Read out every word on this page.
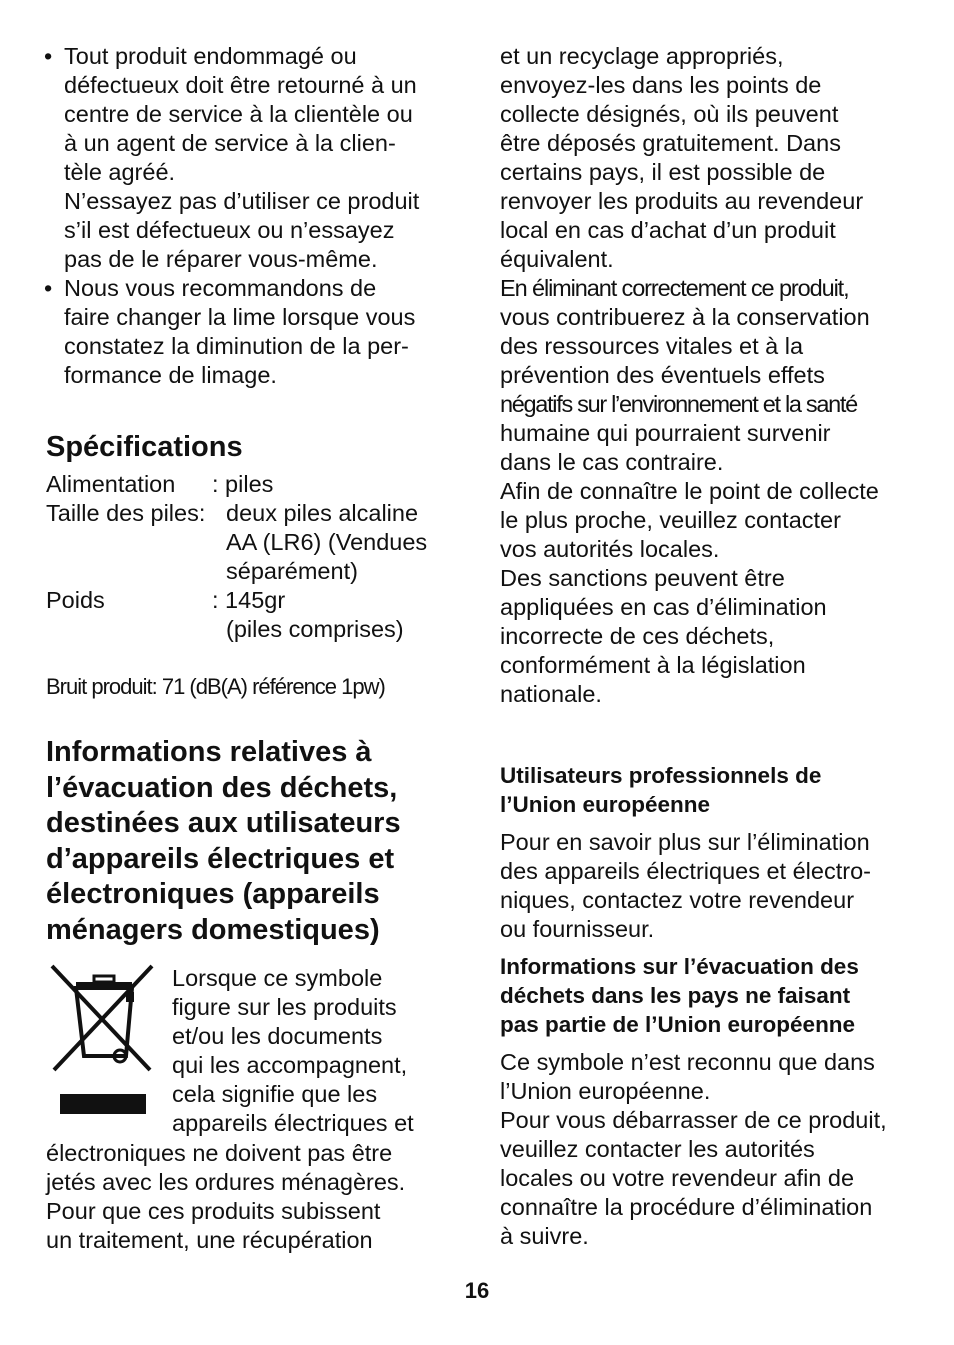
• Tout produit endommagé ou
défectueux doit être retourné à un
centre de service à la clientèle ou
à un agent de service à la clien-
tèle agréé.
N’essayez pas d’utiliser ce produit
s’il est défectueux ou n’essayez
pas de le réparer vous-même.
• Nous vous recommandons de
faire changer la lime lorsque vous
constatez la diminution de la per-
formance de limage.
Spécifications
Alimentation : piles
Taille des piles: deux piles alcaline
AA (LR6) (Vendues
séparément)
Poids	: 145gr
(piles comprises)
Bruit produit: 71 (dB(A) référence 1pw)
Informations relatives à
l’évacuation des déchets,
destinées aux utilisateurs
d’appareils électriques et
électroniques (appareils
ménagers domestiques)
Lorsque ce symbole
figure sur les produits
et/ou les documents
qui les accompagnent,
cela signifie que les
appareils électriques et
électroniques ne doivent pas être
jetés avec les ordures ménagères.
Pour que ces produits subissent
un traitement, une récupération
et un recyclage appropriés,
envoyez-les dans les points de
collecte désignés, où ils peuvent
être déposés gratuitement. Dans
certains pays, il est possible de
renvoyer les produits au revendeur
local en cas d’achat d’un produit
équivalent.
En éliminant correctement ce produit,
vous contribuerez à la conservation
des ressources vitales et à la
prévention des éventuels effets
négatifs sur l’environnement et la santé
humaine qui pourraient survenir
dans le cas contraire.
Afin de connaître le point de collecte
le plus proche, veuillez contacter
vos autorités locales.
Des sanctions peuvent être
appliquées en cas d’élimination
incorrecte de ces déchets,
conformément à la législation
nationale.
Utilisateurs professionnels de
l’Union européenne
Pour en savoir plus sur l’élimination
des appareils électriques et électro-
niques, contactez votre revendeur
ou fournisseur.
Informations sur l’évacuation des
déchets dans les pays ne faisant
pas partie de l’Union européenne
Ce symbole n’est reconnu que dans
l’Union européenne.
Pour vous débarrasser de ce produit,
veuillez contacter les autorités
locales ou votre revendeur afin de
connaître la procédure d’élimination
à suivre.
16
